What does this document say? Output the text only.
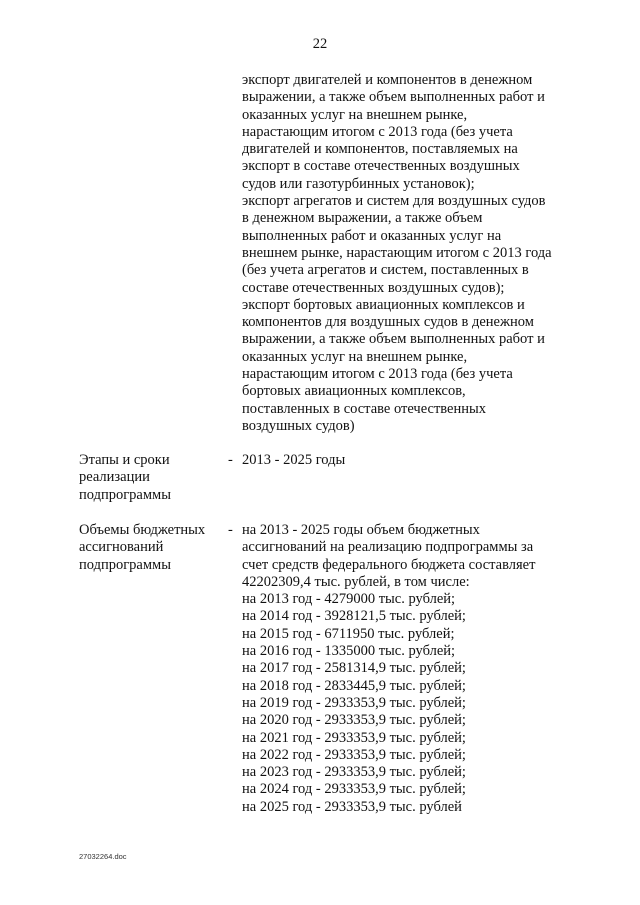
22
экспорт двигателей и компонентов в денежном
выражении, а также объем выполненных работ и
оказанных услуг на внешнем рынке,
нарастающим итогом с 2013 года (без учета
двигателей и компонентов, поставляемых на
экспорт в составе отечественных воздушных
судов или газотурбинных установок);
экспорт агрегатов и систем для воздушных судов
в денежном выражении, а также объем
выполненных работ и оказанных услуг на
внешнем рынке, нарастающим итогом с 2013 года
(без учета агрегатов и систем, поставленных в
составе отечественных воздушных судов);
экспорт бортовых авиационных комплексов и
компонентов для воздушных судов в денежном
выражении, а также объем выполненных работ и
оказанных услуг на внешнем рынке,
нарастающим итогом с 2013 года (без учета
бортовых авиационных комплексов,
поставленных в составе отечественных
воздушных судов)
Этапы и сроки
реализации
подпрограммы
- 2013 - 2025 годы
Объемы бюджетных
ассигнований
подпрограммы
- на 2013 - 2025 годы объем бюджетных
ассигнований на реализацию подпрограммы за
счет средств федерального бюджета составляет
42202309,4 тыс. рублей, в том числе:
на 2013 год - 4279000 тыс. рублей;
на 2014 год - 3928121,5 тыс. рублей;
на 2015 год - 6711950 тыс. рублей;
на 2016 год - 1335000 тыс. рублей;
на 2017 год - 2581314,9 тыс. рублей;
на 2018 год - 2833445,9 тыс. рублей;
на 2019 год - 2933353,9 тыс. рублей;
на 2020 год - 2933353,9 тыс. рублей;
на 2021 год - 2933353,9 тыс. рублей;
на 2022 год - 2933353,9 тыс. рублей;
на 2023 год - 2933353,9 тыс. рублей;
на 2024 год - 2933353,9 тыс. рублей;
на 2025 год - 2933353,9 тыс. рублей
27032264.doc
